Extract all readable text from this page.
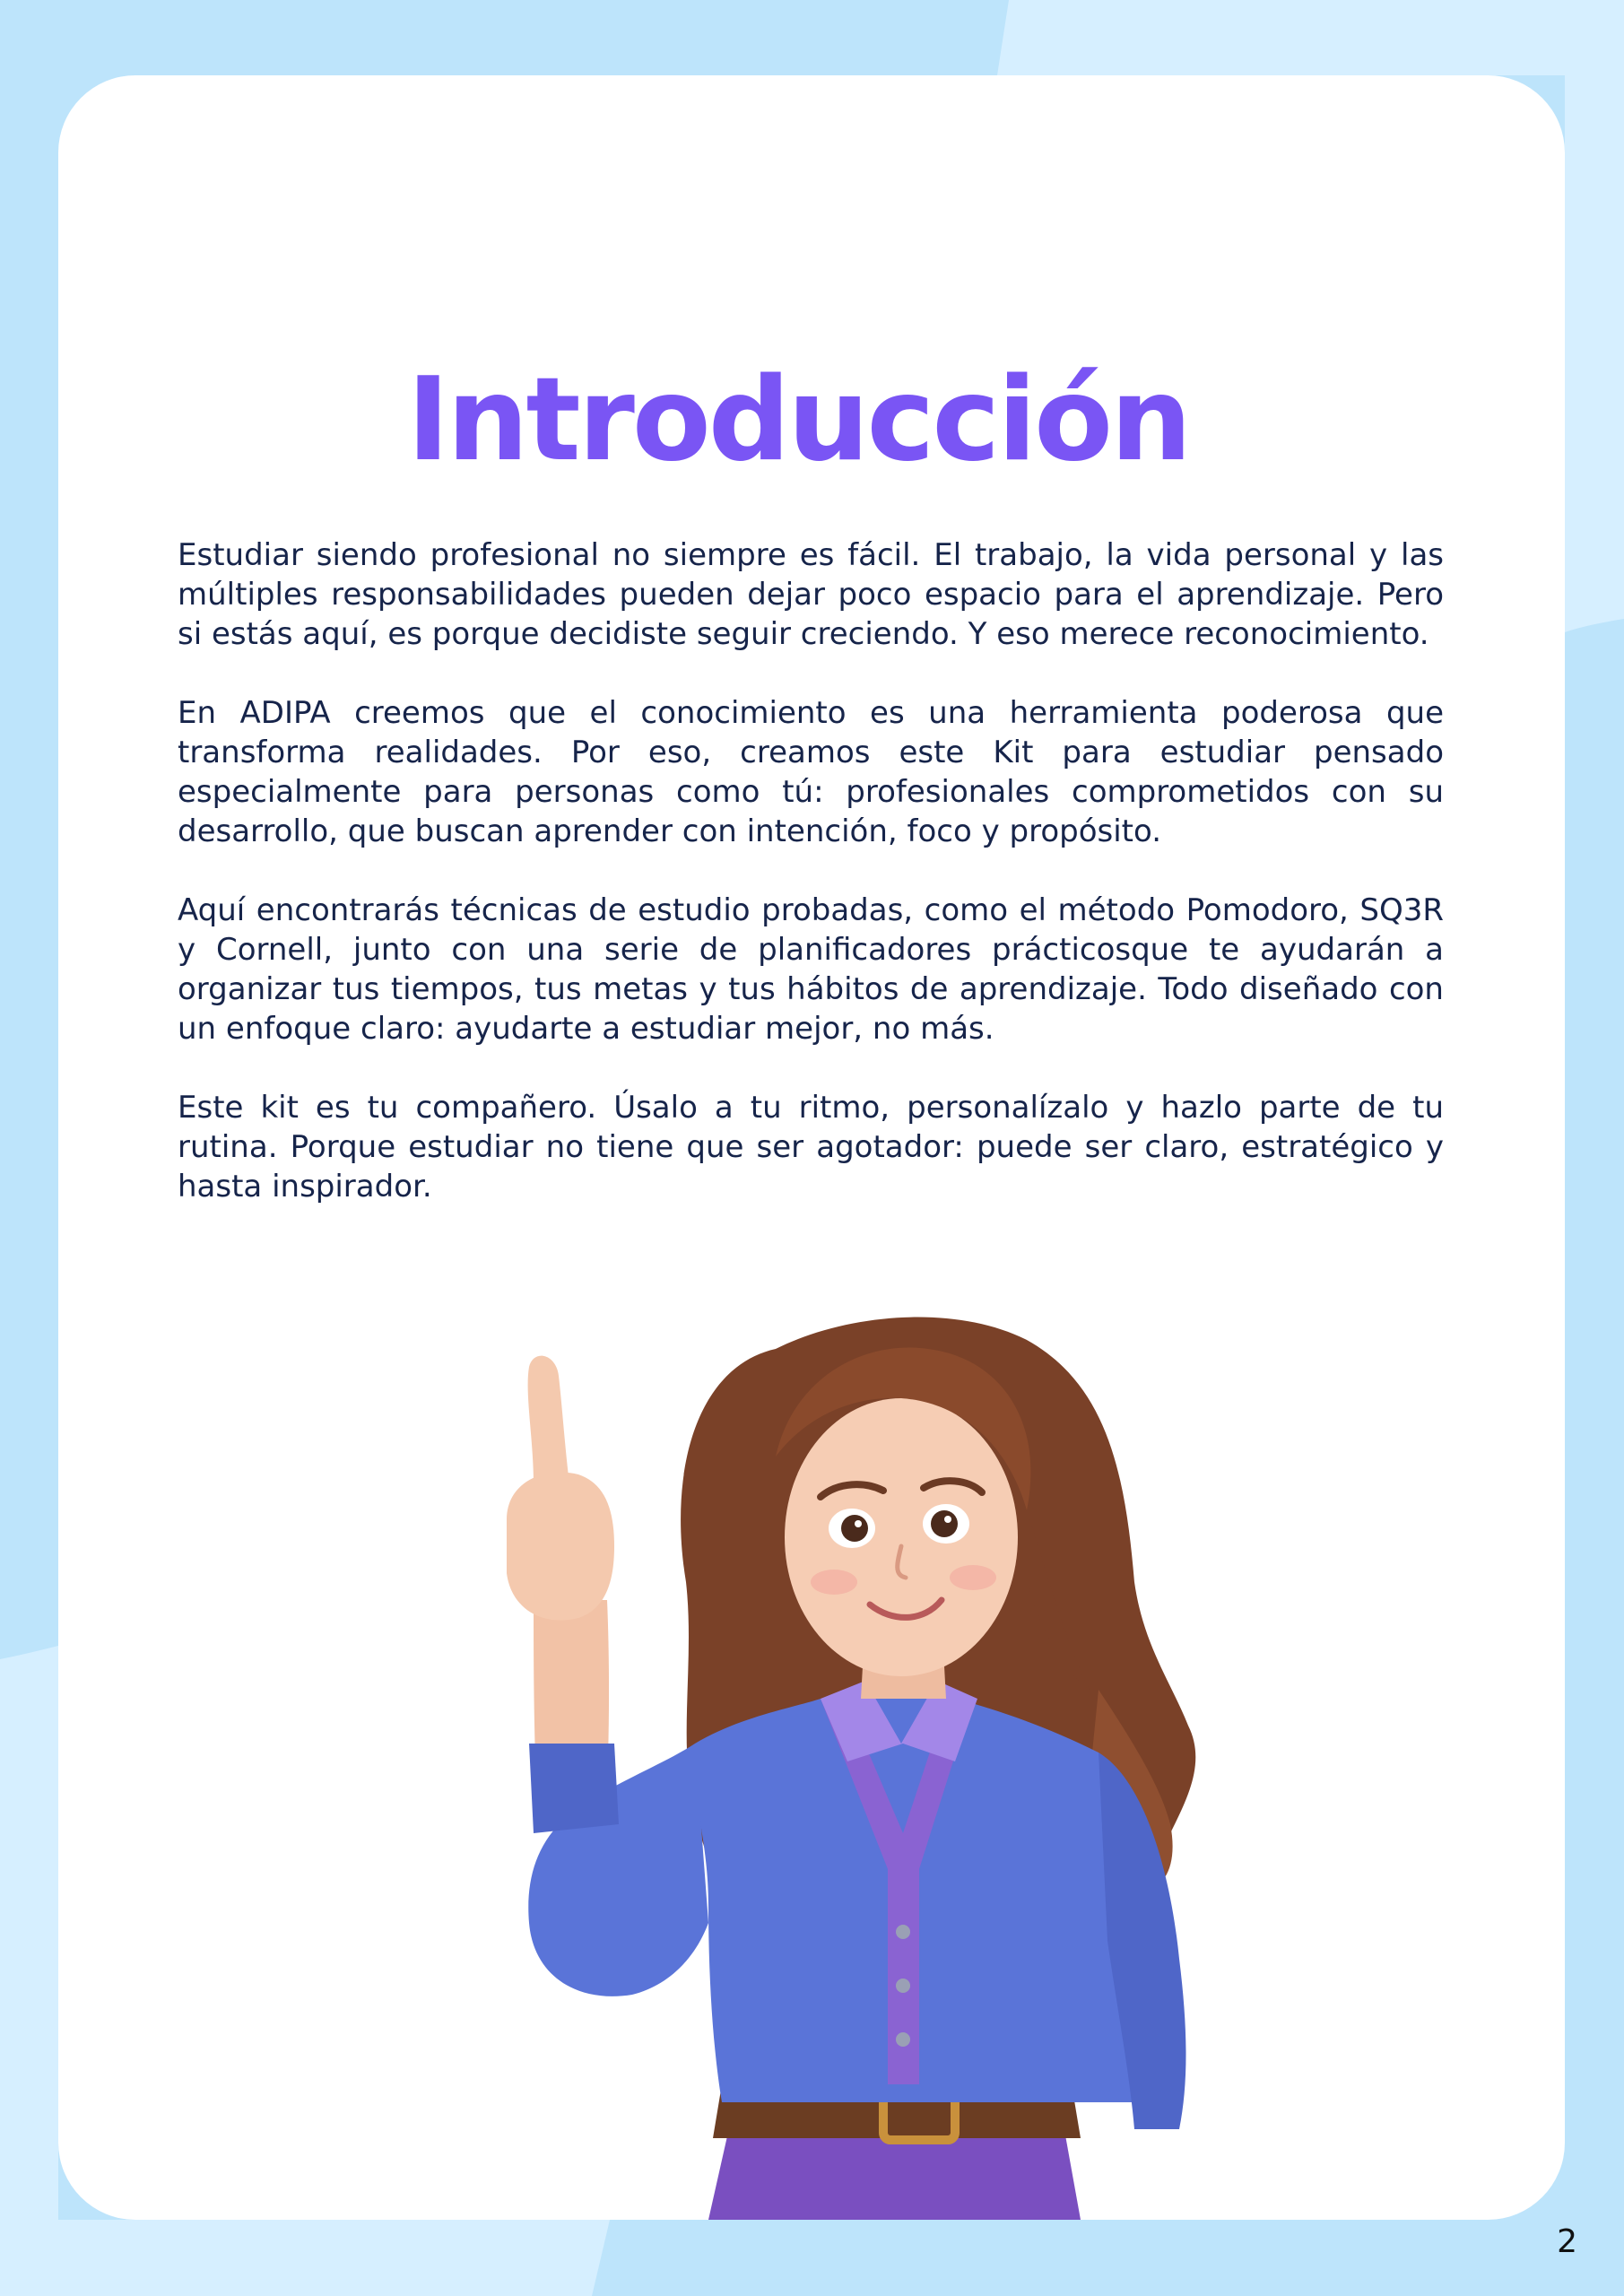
Introducción

Estudiar siendo profesional no siempre es fácil. El trabajo, la vida personal y las múltiples responsabilidades pueden dejar poco espacio para el aprendizaje. Pero si estás aquí, es porque decidiste seguir creciendo. Y eso merece reconocimiento.

En ADIPA creemos que el conocimiento es una herramienta poderosa que transforma realidades. Por eso, creamos este Kit para estudiar pensado especialmente para personas como tú: profesionales comprometidos con su desarrollo, que buscan aprender con intención, foco y propósito.

Aquí encontrarás técnicas de estudio probadas, como el método Pomodoro, SQ3R y Cornell, junto con una serie de planificadores prácticosque te ayudarán a organizar tus tiempos, tus metas y tus hábitos de aprendizaje. Todo diseñado con un enfoque claro: ayudarte a estudiar mejor, no más.

Este kit es tu compañero. Úsalo a tu ritmo, personalízalo y hazlo parte de tu rutina. Porque estudiar no tiene que ser agotador: puede ser claro, estratégico y hasta inspirador.

2
